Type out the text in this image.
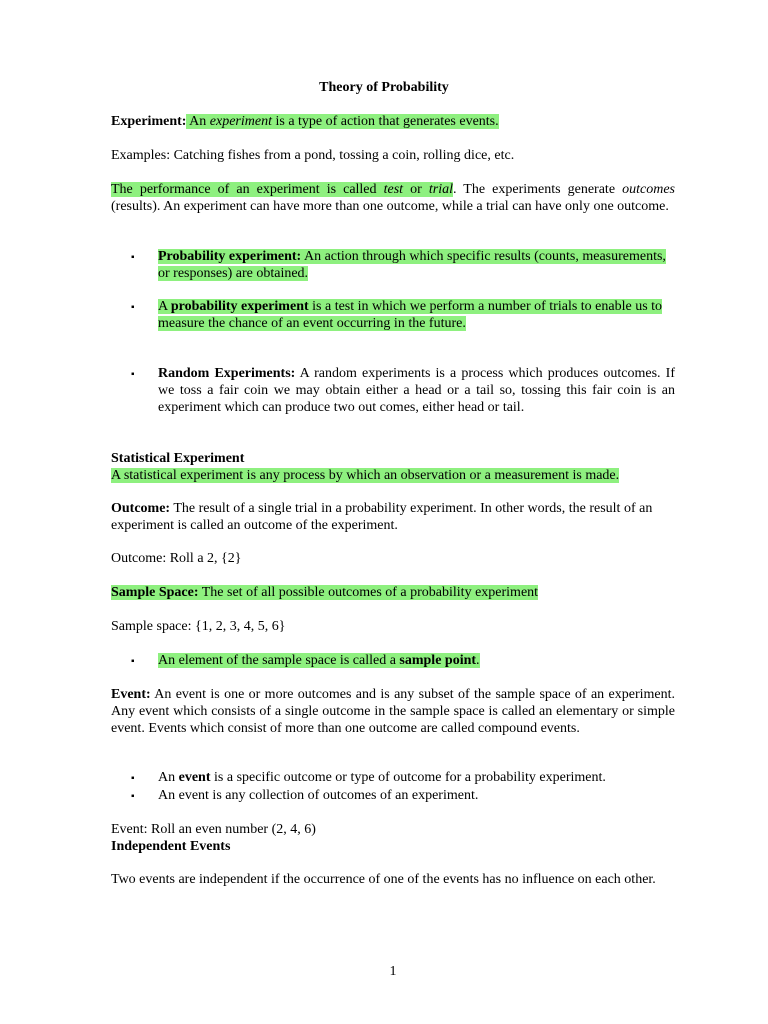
Theory of Probability

Experiment: An experiment is a type of action that generates events.

Examples: Catching fishes from a pond, tossing a coin, rolling dice, etc.

The performance of an experiment is called test or trial. The experiments generate outcomes (results). An experiment can have more than one outcome, while a trial can have only one outcome.

▪ Probability experiment: An action through which specific results (counts, measurements, or responses) are obtained.

▪ A probability experiment is a test in which we perform a number of trials to enable us to measure the chance of an event occurring in the future.

▪ Random Experiments: A random experiments is a process which produces outcomes. If we toss a fair coin we may obtain either a head or a tail so, tossing this fair coin is an experiment which can produce two out comes, either head or tail.

Statistical Experiment
A statistical experiment is any process by which an observation or a measurement is made.

Outcome: The result of a single trial in a probability experiment. In other words, the result of an experiment is called an outcome of the experiment.

Outcome: Roll a 2, {2}

Sample Space: The set of all possible outcomes of a probability experiment

Sample space: {1, 2, 3, 4, 5, 6}

▪ An element of the sample space is called a sample point.

Event: An event is one or more outcomes and is any subset of the sample space of an experiment. Any event which consists of a single outcome in the sample space is called an elementary or simple event. Events which consist of more than one outcome are called compound events.

▪ An event is a specific outcome or type of outcome for a probability experiment.

▪ An event is any collection of outcomes of an experiment.

Event: Roll an even number (2, 4, 6)
Independent Events

Two events are independent if the occurrence of one of the events has no influence on each other.

1
